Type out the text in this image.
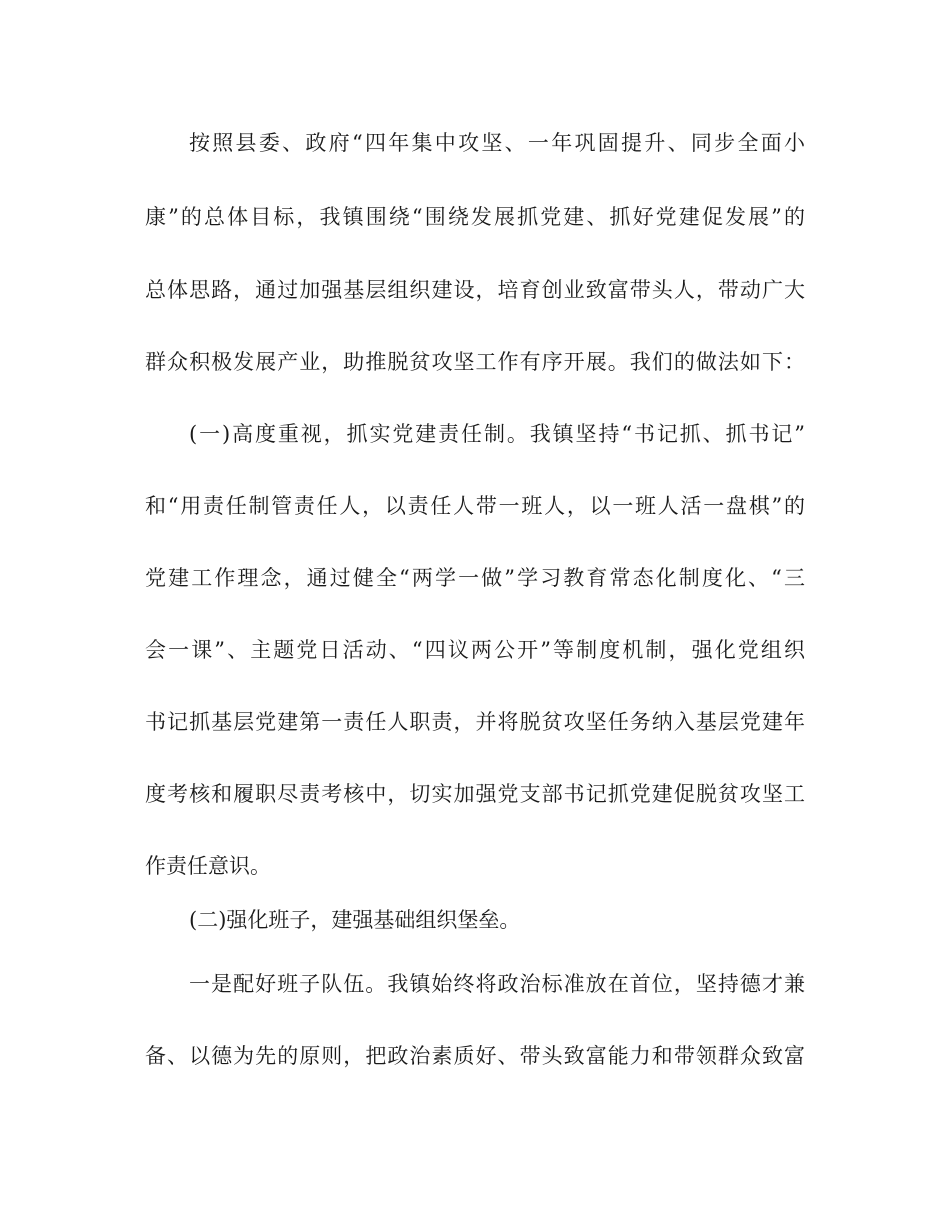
按照县委、政府“四年集中攻坚、一年巩固提升、同步全面小
康”的总体目标，我镇围绕“围绕发展抓党建、抓好党建促发展”的
总体思路，通过加强基层组织建设，培育创业致富带头人，带动广大
群众积极发展产业，助推脱贫攻坚工作有序开展。我们的做法如下：
(一)高度重视，抓实党建责任制。我镇坚持“书记抓、抓书记”
和“用责任制管责任人，以责任人带一班人，以一班人活一盘棋”的
党建工作理念，通过健全“两学一做”学习教育常态化制度化、“三
会一课”、主题党日活动、“四议两公开”等制度机制，强化党组织
书记抓基层党建第一责任人职责，并将脱贫攻坚任务纳入基层党建年
度考核和履职尽责考核中，切实加强党支部书记抓党建促脱贫攻坚工
作责任意识。
(二)强化班子，建强基础组织堡垒。
一是配好班子队伍。我镇始终将政治标准放在首位，坚持德才兼
备、以德为先的原则，把政治素质好、带头致富能力和带领群众致富
